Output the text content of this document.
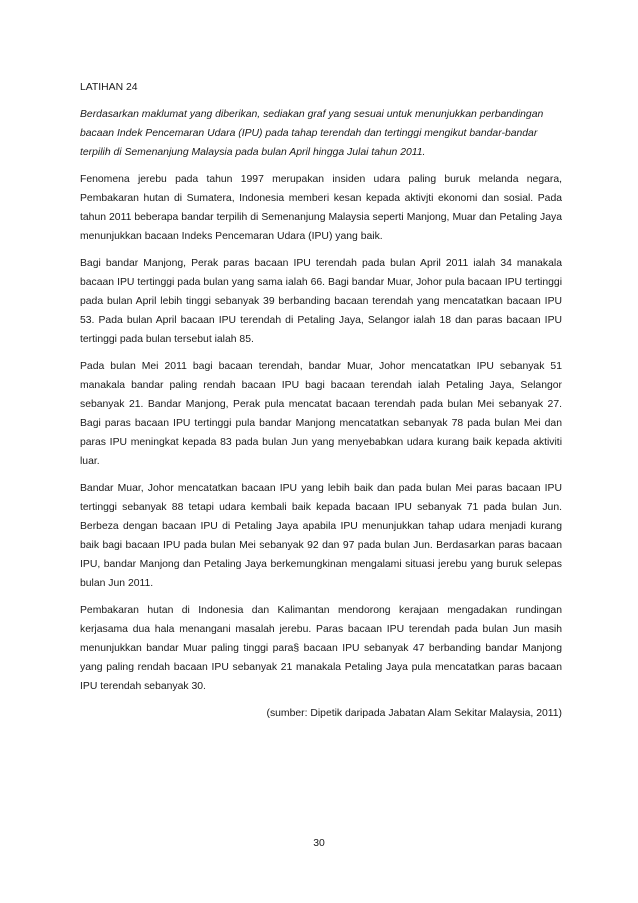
LATIHAN 24
Berdasarkan maklumat yang diberikan, sediakan graf yang sesuai untuk menunjukkan perbandingan bacaan Indek Pencemaran Udara (IPU) pada tahap terendah dan tertinggi mengikut bandar-bandar terpilih di Semenanjung Malaysia pada bulan April hingga Julai tahun 2011.
Fenomena jerebu pada tahun 1997 merupakan insiden udara paling buruk melanda negara, Pembakaran hutan di Sumatera, Indonesia memberi kesan kepada aktivjti ekonomi dan sosial. Pada tahun 2011 beberapa bandar terpilih di Semenanjung Malaysia seperti Manjong, Muar dan Petaling Jaya menunjukkan bacaan Indeks Pencemaran Udara (IPU) yang baik.
Bagi bandar Manjong, Perak paras bacaan IPU terendah pada bulan April 2011 ialah 34 manakala bacaan IPU tertinggi pada bulan yang sama ialah 66. Bagi bandar Muar, Johor pula bacaan IPU tertinggi pada bulan April lebih tinggi sebanyak 39 berbanding bacaan terendah yang mencatatkan bacaan IPU 53. Pada bulan April bacaan IPU terendah di Petaling Jaya, Selangor ialah 18 dan paras bacaan IPU tertinggi pada bulan tersebut ialah 85.
Pada bulan Mei 2011 bagi bacaan terendah, bandar Muar, Johor mencatatkan IPU sebanyak 51 manakala bandar paling rendah bacaan IPU bagi bacaan terendah ialah Petaling Jaya, Selangor sebanyak 21. Bandar Manjong, Perak pula mencatat bacaan terendah pada bulan Mei sebanyak 27. Bagi paras bacaan IPU tertinggi pula bandar Manjong mencatatkan sebanyak 78 pada bulan Mei dan paras IPU meningkat kepada 83 pada bulan Jun yang menyebabkan udara kurang baik kepada aktiviti luar.
Bandar Muar, Johor mencatatkan bacaan IPU yang lebih baik dan pada bulan Mei paras bacaan IPU tertinggi sebanyak 88 tetapi udara kembali baik kepada bacaan IPU sebanyak 71 pada bulan Jun. Berbeza dengan bacaan IPU di Petaling Jaya apabila IPU menunjukkan tahap udara menjadi kurang baik bagi bacaan IPU pada bulan Mei sebanyak 92 dan 97 pada bulan Jun. Berdasarkan paras bacaan IPU, bandar Manjong dan Petaling Jaya berkemungkinan mengalami situasi jerebu yang buruk selepas bulan Jun 2011.
Pembakaran hutan di Indonesia dan Kalimantan mendorong kerajaan mengadakan rundingan kerjasama dua hala menangani masalah jerebu. Paras bacaan IPU terendah pada bulan Jun masih menunjukkan bandar Muar paling tinggi para§ bacaan IPU sebanyak 47 berbanding bandar Manjong yang paling rendah bacaan IPU sebanyak 21 manakala Petaling Jaya pula mencatatkan paras bacaan IPU terendah sebanyak 30.
(sumber: Dipetik daripada Jabatan Alam Sekitar Malaysia, 2011)
30
